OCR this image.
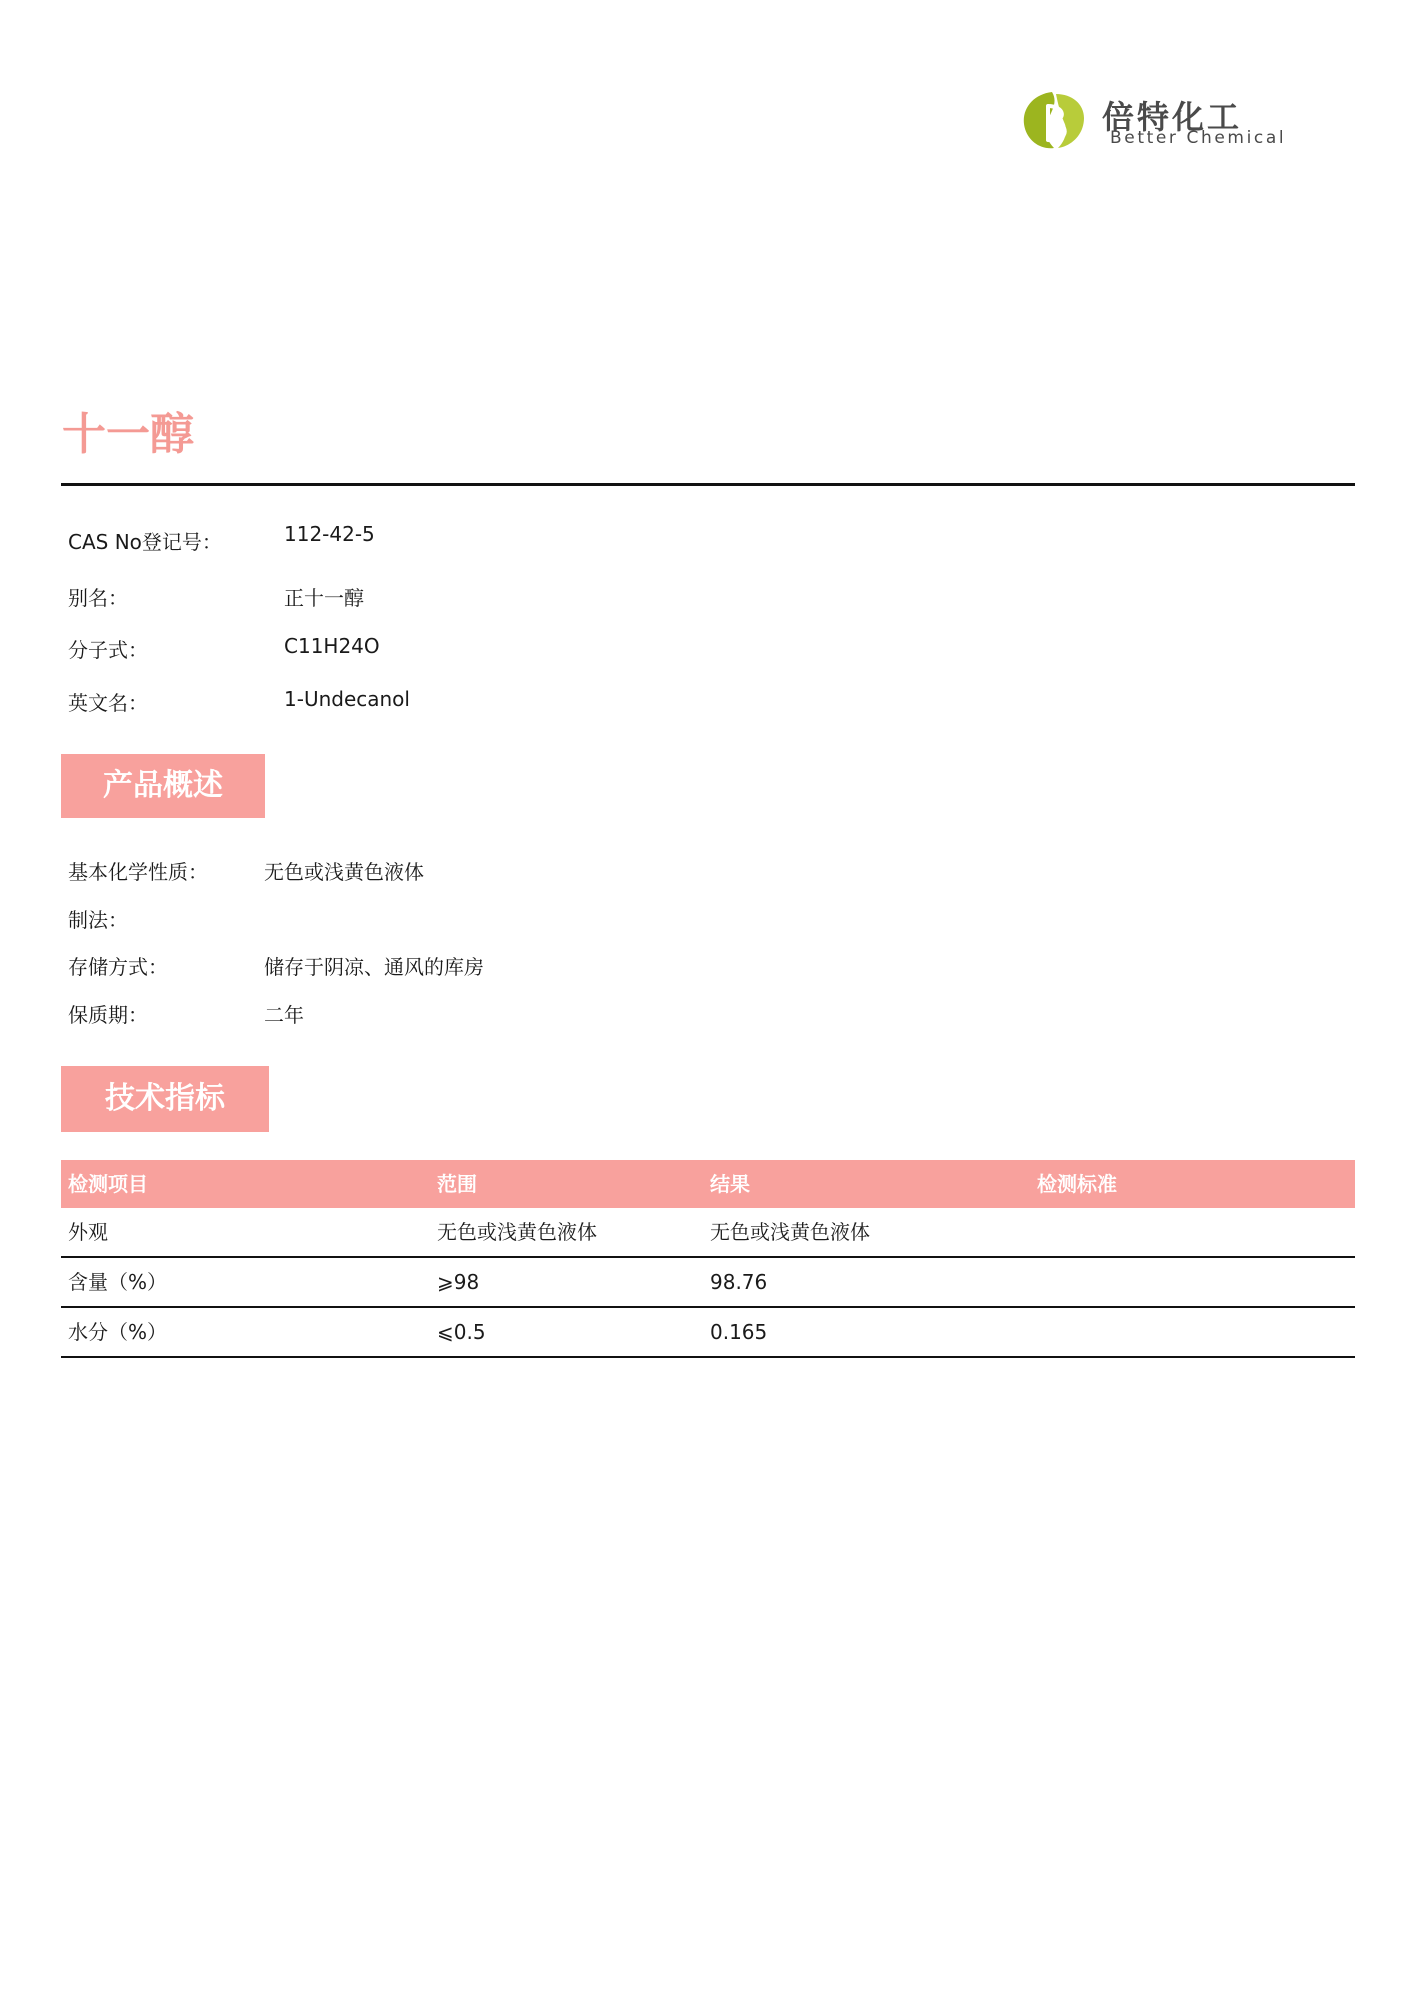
倍特化工
Better Chemical
十一醇
CAS No登记号：	112-42-5
别名：	正十一醇
分子式：	C11H24O
英文名：	1-Undecanol
产品概述
基本化学性质：	无色或浅黄色液体
制法：
存储方式：	储存于阴凉、通风的库房
保质期：	二年
技术指标
检测项目	范围	结果	检测标准
外观	无色或浅黄色液体	无色或浅黄色液体
含量（%）	⩾98	98.76
水分（%）	⩽0.5	0.165
